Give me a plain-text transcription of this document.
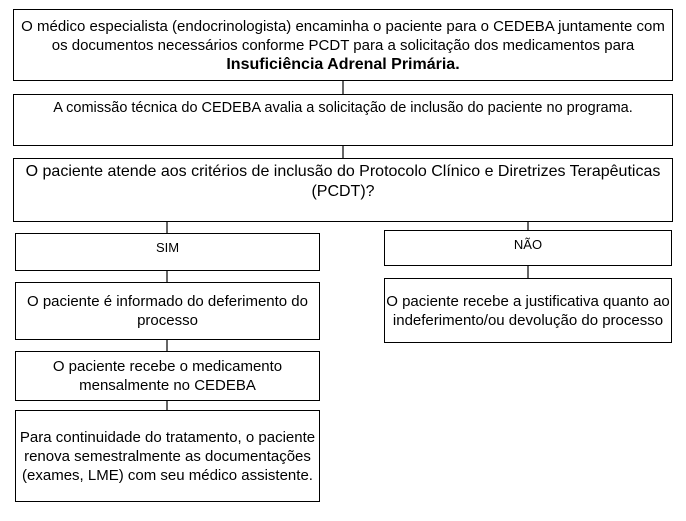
O médico especialista (endocrinologista) encaminha o paciente para o CEDEBA juntamente com os documentos necessários conforme PCDT para a solicitação dos medicamentos para
Insuficiência Adrenal Primária.
A comissão técnica do CEDEBA avalia a solicitação de inclusão do paciente no programa.
O paciente atende aos critérios de inclusão do Protocolo Clínico e Diretrizes Terapêuticas (PCDT)?
SIM	NÃO
O paciente é informado do deferimento do processo
O paciente recebe a justificativa quanto ao indeferimento/ou devolução do processo
O paciente recebe o medicamento mensalmente no CEDEBA
Para continuidade do tratamento, o paciente renova semestralmente as documentações (exames, LME) com seu médico assistente.
